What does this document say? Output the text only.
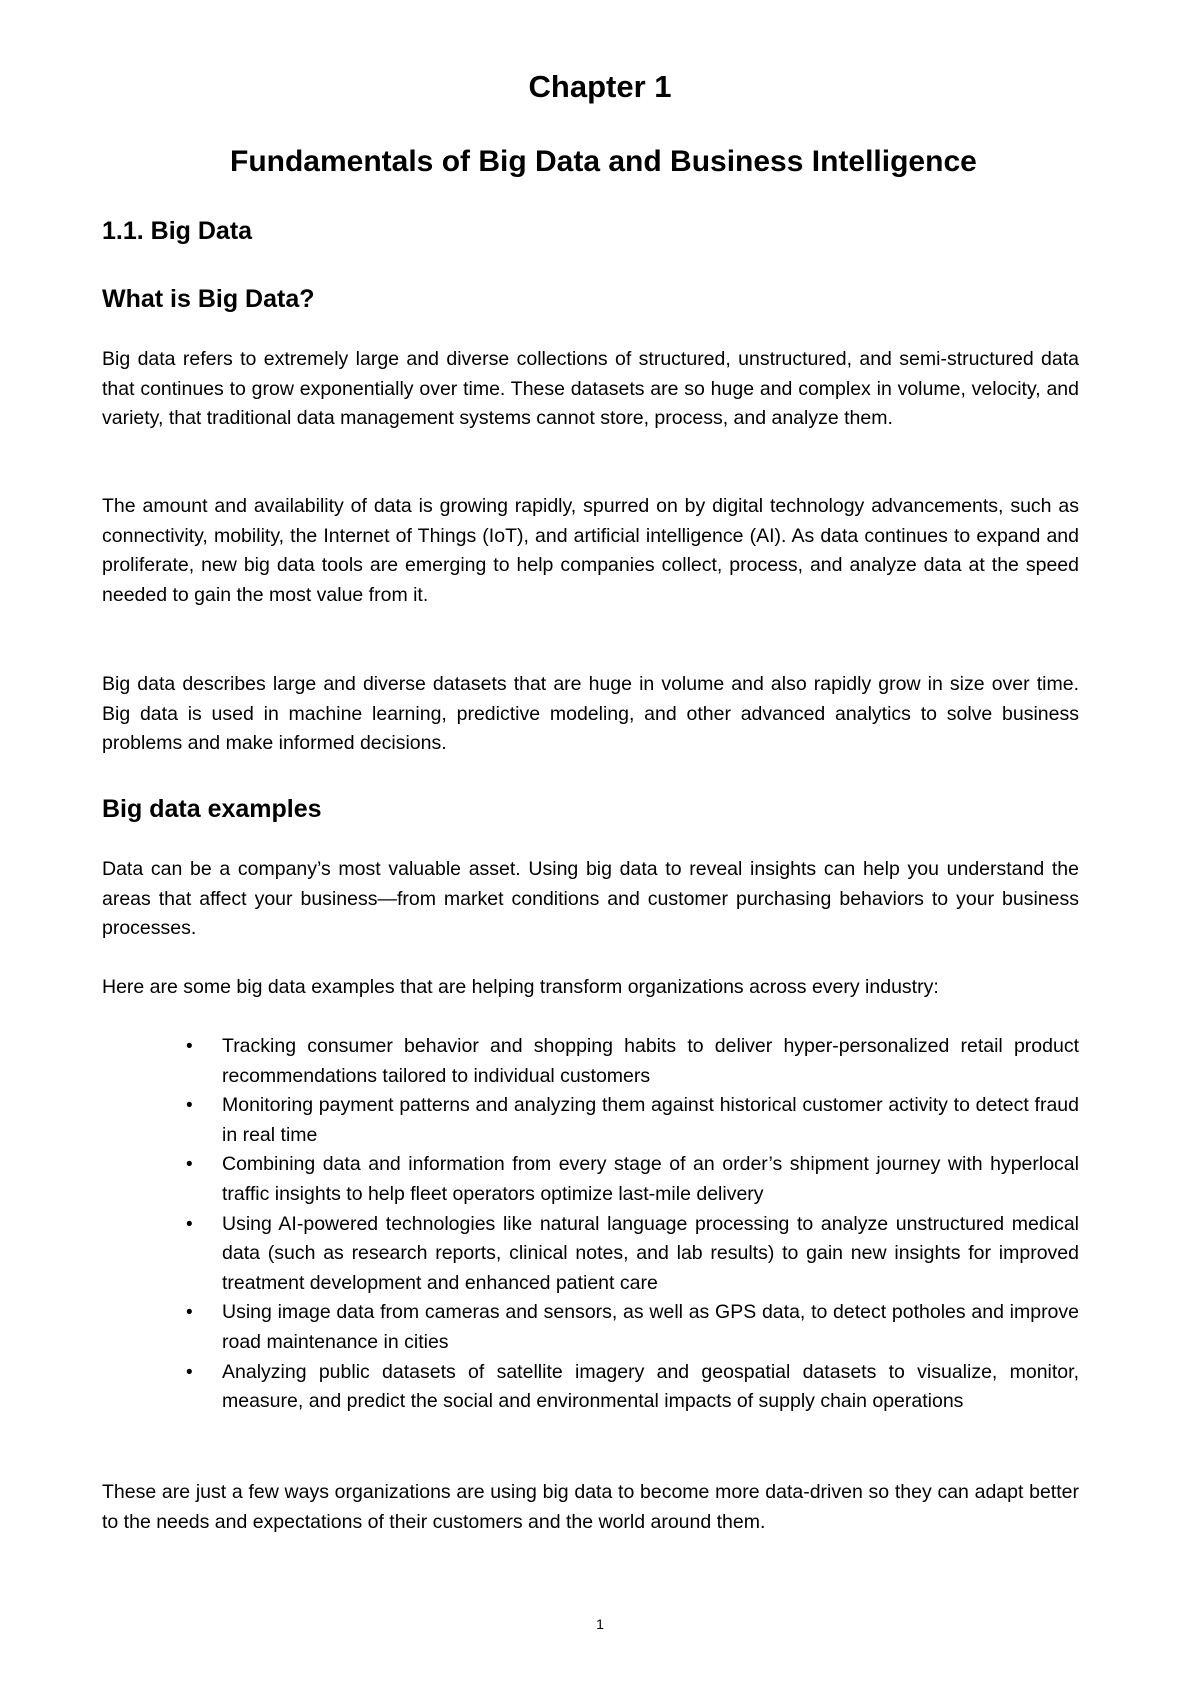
Chapter 1
Fundamentals of Big Data and Business Intelligence
1.1. Big Data
What is Big Data?

Big data refers to extremely large and diverse collections of structured, unstructured, and semi-structured data that continues to grow exponentially over time. These datasets are so huge and complex in volume, velocity, and variety, that traditional data management systems cannot store, process, and analyze them.

The amount and availability of data is growing rapidly, spurred on by digital technology advancements, such as connectivity, mobility, the Internet of Things (IoT), and artificial intelligence (AI). As data continues to expand and proliferate, new big data tools are emerging to help companies collect, process, and analyze data at the speed needed to gain the most value from it.

Big data describes large and diverse datasets that are huge in volume and also rapidly grow in size over time. Big data is used in machine learning, predictive modeling, and other advanced analytics to solve business problems and make informed decisions.

Big data examples

Data can be a company’s most valuable asset. Using big data to reveal insights can help you understand the areas that affect your business—from market conditions and customer purchasing behaviors to your business processes.

Here are some big data examples that are helping transform organizations across every industry:

•	Tracking consumer behavior and shopping habits to deliver hyper-personalized retail product recommendations tailored to individual customers
•	Monitoring payment patterns and analyzing them against historical customer activity to detect fraud in real time
•	Combining data and information from every stage of an order’s shipment journey with hyperlocal traffic insights to help fleet operators optimize last-mile delivery
•	Using AI-powered technologies like natural language processing to analyze unstructured medical data (such as research reports, clinical notes, and lab results) to gain new insights for improved treatment development and enhanced patient care
•	Using image data from cameras and sensors, as well as GPS data, to detect potholes and improve road maintenance in cities
•	Analyzing public datasets of satellite imagery and geospatial datasets to visualize, monitor, measure, and predict the social and environmental impacts of supply chain operations

These are just a few ways organizations are using big data to become more data-driven so they can adapt better to the needs and expectations of their customers and the world around them.

1
